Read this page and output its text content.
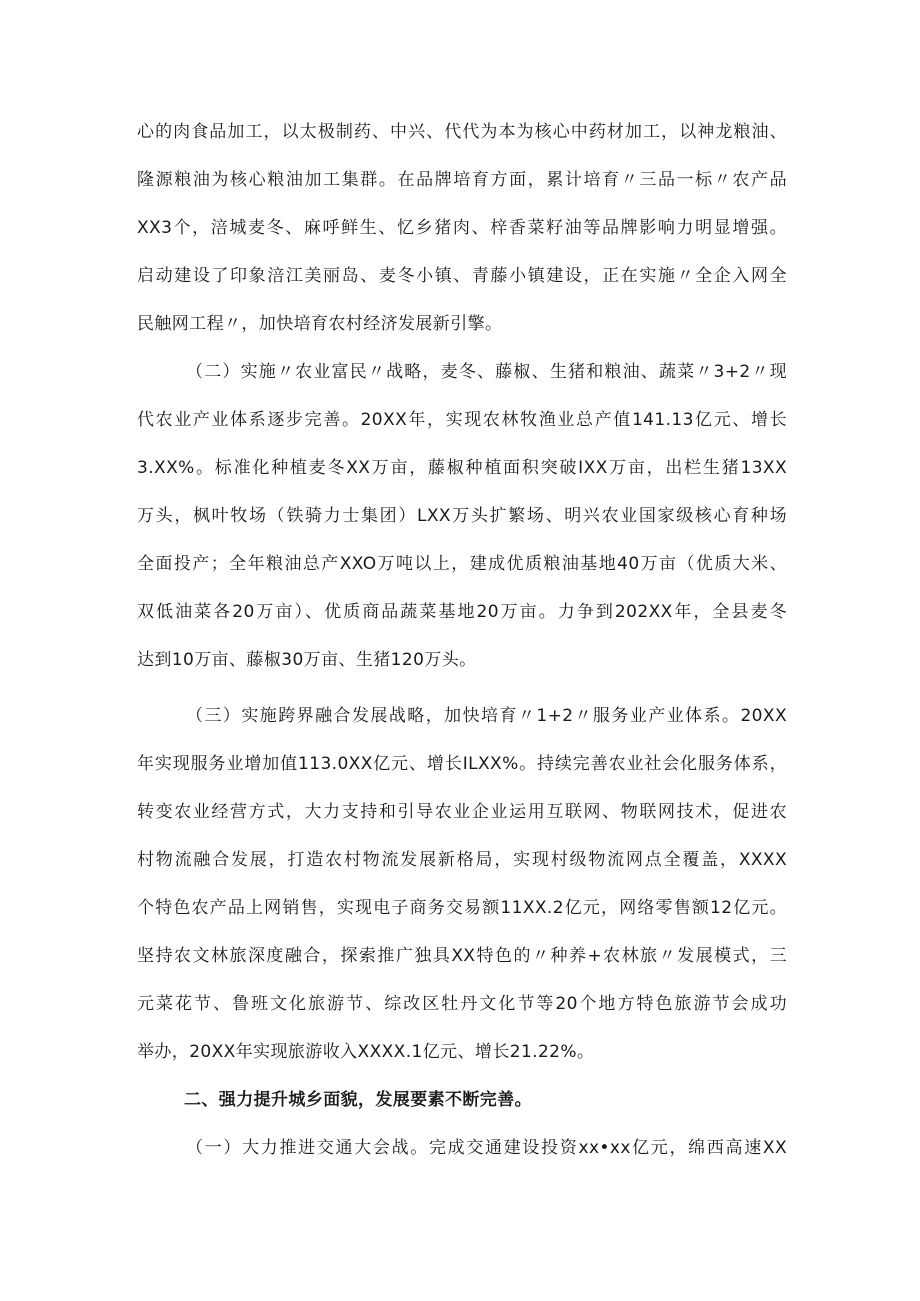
心的肉食品加工，以太极制药、中兴、代代为本为核心中药材加工，以神龙粮油、
隆源粮油为核心粮油加工集群。在品牌培育方面，累计培育〃三品一标〃农产品
XX3个，涪城麦冬、麻呼鲜生、忆乡猪肉、梓香菜籽油等品牌影响力明显增强。
启动建设了印象涪江美丽岛、麦冬小镇、青藤小镇建设，正在实施〃全企入网全
民触网工程〃，加快培育农村经济发展新引擎。
（二）实施〃农业富民〃战略，麦冬、藤椒、生猪和粮油、蔬菜〃3+2〃现
代农业产业体系逐步完善。20XX年，实现农林牧渔业总产值141.13亿元、增长
3.XX%。标准化种植麦冬XX万亩，藤椒种植面积突破IXX万亩，出栏生猪13XX
万头，枫叶牧场（铁骑力士集团）LXX万头扩繁场、明兴农业国家级核心育种场
全面投产；全年粮油总产XXO万吨以上，建成优质粮油基地40万亩（优质大米、
双低油菜各20万亩）、优质商品蔬菜基地20万亩。力争到202XX年，全县麦冬
达到10万亩、藤椒30万亩、生猪120万头。
（三）实施跨界融合发展战略，加快培育〃1+2〃服务业产业体系。20XX
年实现服务业增加值113.0XX亿元、增长ILXX%。持续完善农业社会化服务体系，
转变农业经营方式，大力支持和引导农业企业运用互联网、物联网技术，促进农
村物流融合发展，打造农村物流发展新格局，实现村级物流网点全覆盖，XXXX
个特色农产品上网销售，实现电子商务交易额11XX.2亿元，网络零售额12亿元。
坚持农文林旅深度融合，探索推广独具XX特色的〃种养+农林旅〃发展模式，三
元菜花节、鲁班文化旅游节、综改区牡丹文化节等20个地方特色旅游节会成功
举办，20XX年实现旅游收入XXXX.1亿元、增长21.22%。
二、强力提升城乡面貌，发展要素不断完善。
（一）大力推进交通大会战。完成交通建设投资xx•xx亿元，绵西高速XX
